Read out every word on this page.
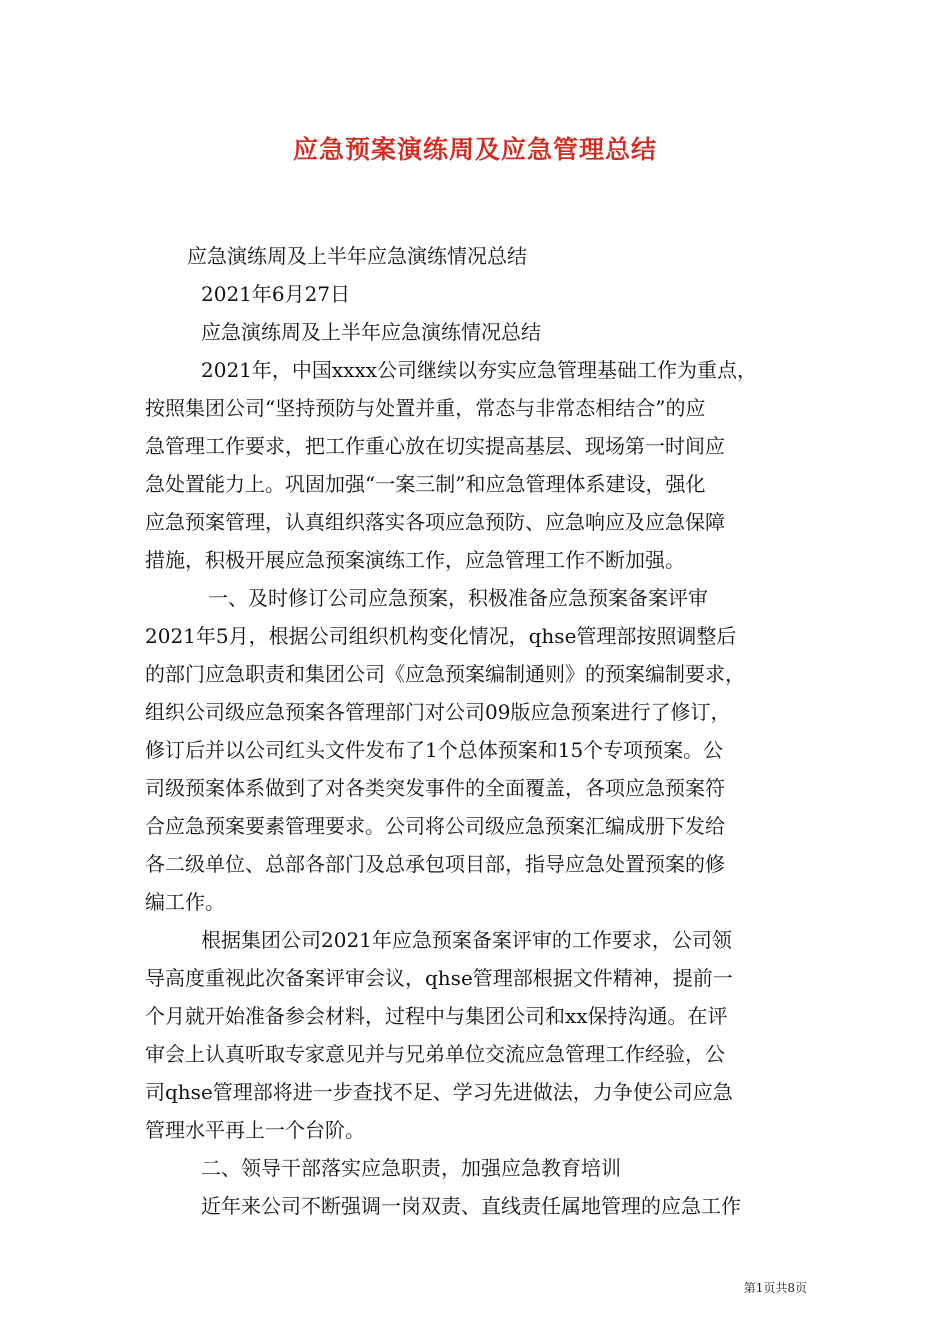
应急预案演练周及应急管理总结

应急演练周及上半年应急演练情况总结

2021年6月27日

应急演练周及上半年应急演练情况总结

2021年，中国xxxx公司继续以夯实应急管理基础工作为重点，

按照集团公司“坚持预防与处置并重，常态与非常态相结合”的应

急管理工作要求，把工作重心放在切实提高基层、现场第一时间应

急处置能力上。巩固加强“一案三制”和应急管理体系建设，强化

应急预案管理，认真组织落实各项应急预防、应急响应及应急保障

措施，积极开展应急预案演练工作，应急管理工作不断加强。

一、及时修订公司应急预案，积极准备应急预案备案评审

2021年5月，根据公司组织机构变化情况，qhse管理部按照调整后

的部门应急职责和集团公司《应急预案编制通则》的预案编制要求，

组织公司级应急预案各管理部门对公司09版应急预案进行了修订，

修订后并以公司红头文件发布了1个总体预案和15个专项预案。公

司级预案体系做到了对各类突发事件的全面覆盖，各项应急预案符

合应急预案要素管理要求。公司将公司级应急预案汇编成册下发给

各二级单位、总部各部门及总承包项目部，指导应急处置预案的修

编工作。

根据集团公司2021年应急预案备案评审的工作要求，公司领

导高度重视此次备案评审会议，qhse管理部根据文件精神，提前一

个月就开始准备参会材料，过程中与集团公司和xx保持沟通。在评

审会上认真听取专家意见并与兄弟单位交流应急管理工作经验，公

司qhse管理部将进一步查找不足、学习先进做法，力争使公司应急

管理水平再上一个台阶。

二、领导干部落实应急职责，加强应急教育培训

近年来公司不断强调一岗双责、直线责任属地管理的应急工作

第1页共8页
